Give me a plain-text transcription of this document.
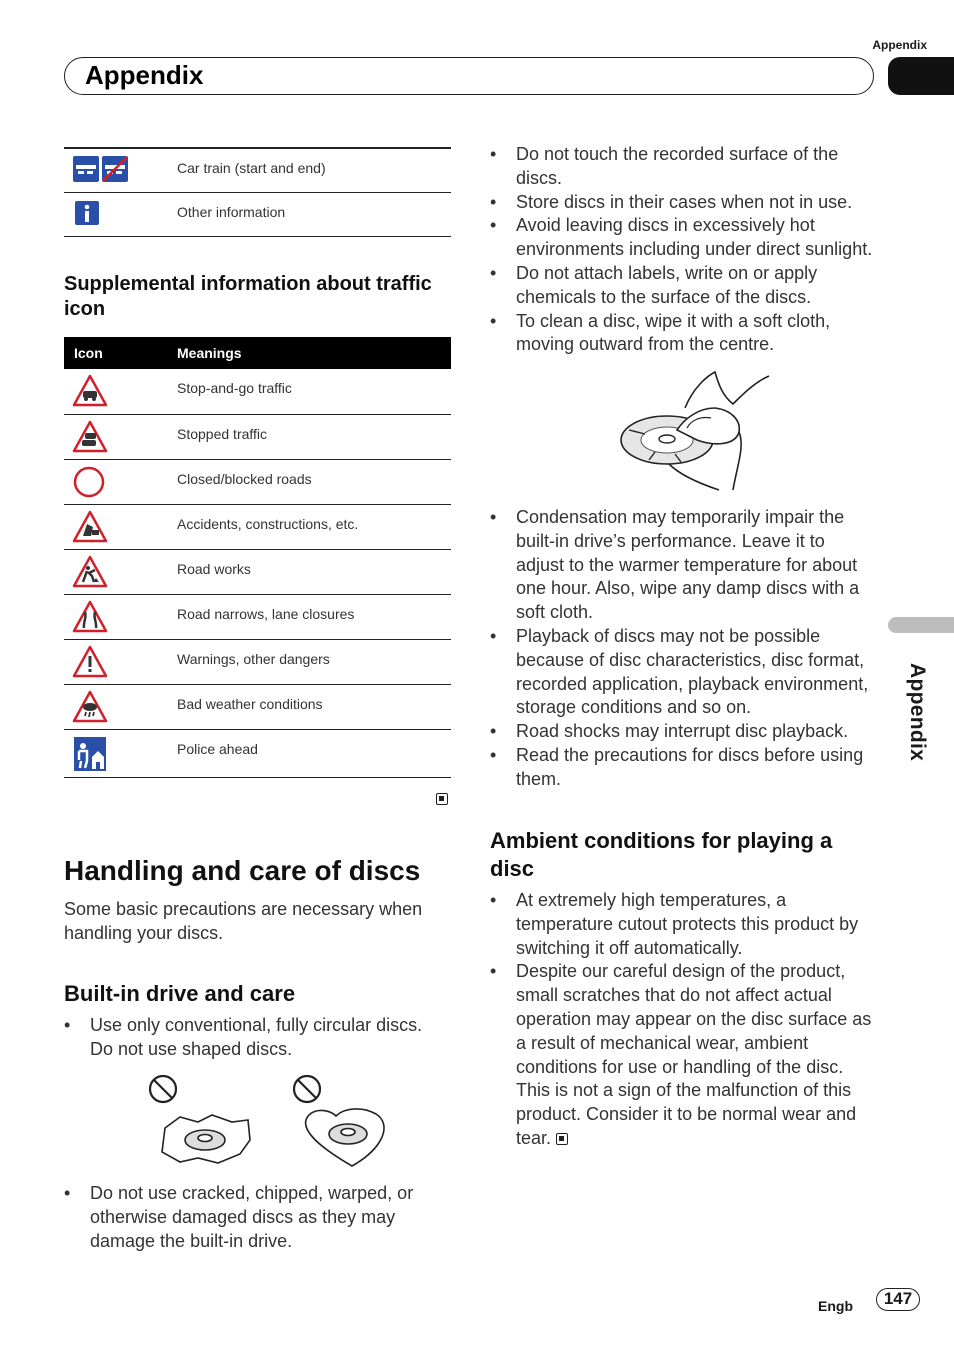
Appendix
Appendix
Appendix
	Car train (start and end)

	Other information
Supplemental information about traffic icon
Icon	Meanings

	Stop-and-go traffic

	Stopped traffic

	Closed/blocked roads

	Accidents, constructions, etc.

	Road works

	Road narrows, lane closures

	Warnings, other dangers

	Bad weather conditions

	Police ahead
Handling and care of discs
Some basic precautions are necessary when handling your discs.
Built-in drive and care
• Use only conventional, fully circular discs. Do not use shaped discs.
• Do not use cracked, chipped, warped, or otherwise damaged discs as they may damage the built-in drive.
• Do not touch the recorded surface of the discs.
• Store discs in their cases when not in use.
• Avoid leaving discs in excessively hot environments including under direct sunlight.
• Do not attach labels, write on or apply chemicals to the surface of the discs.
• To clean a disc, wipe it with a soft cloth, moving outward from the centre.
• Condensation may temporarily impair the built-in drive’s performance. Leave it to adjust to the warmer temperature for about one hour. Also, wipe any damp discs with a soft cloth.
• Playback of discs may not be possible because of disc characteristics, disc format, recorded application, playback environment, storage conditions and so on.
• Road shocks may interrupt disc playback.
• Read the precautions for discs before using them.
Ambient conditions for playing a disc
• At extremely high temperatures, a temperature cutout protects this product by switching it off automatically.
• Despite our careful design of the product, small scratches that do not affect actual operation may appear on the disc surface as a result of mechanical wear, ambient conditions for use or handling of the disc. This is not a sign of the malfunction of this product. Consider it to be normal wear and tear.
Engb	147
